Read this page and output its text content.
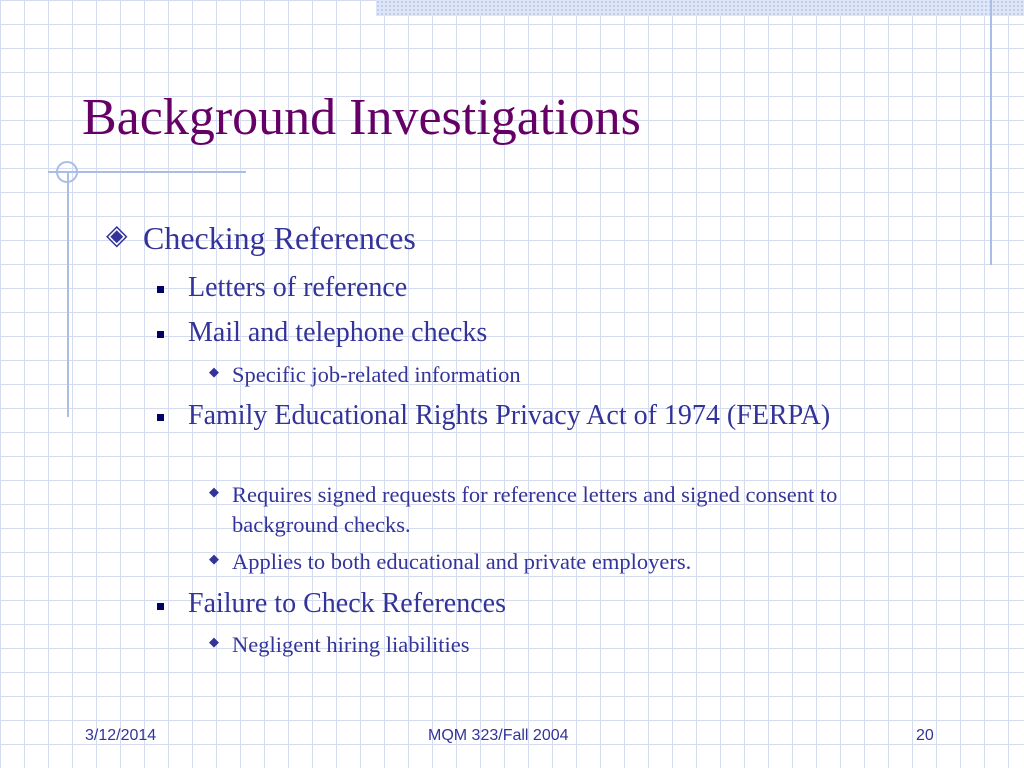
Background Investigations
◈ Checking References
Letters of reference
Mail and telephone checks
◆ Specific job-related information
Family Educational Rights Privacy Act of 1974 (FERPA)
◆ Requires signed requests for reference letters and signed consent to background checks.
◆ Applies to both educational and private employers.
Failure to Check References
◆ Negligent hiring liabilities
3/12/2014	MQM 323/Fall 2004	20
